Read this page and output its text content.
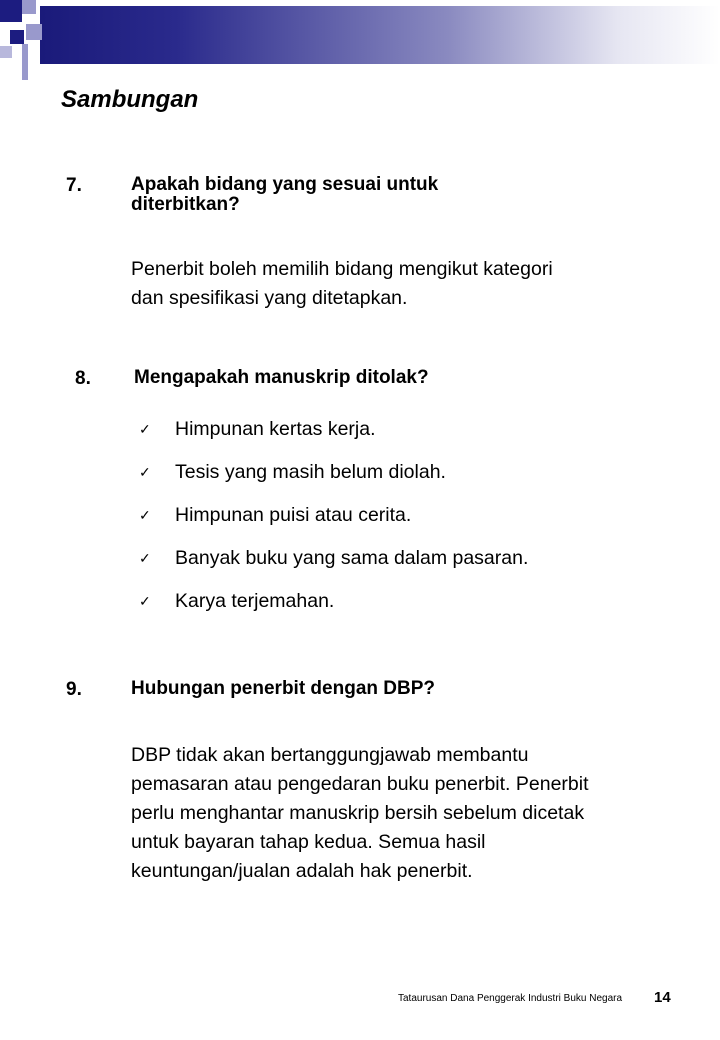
Sambungan
7.	Apakah bidang yang sesuai untuk diterbitkan?
Penerbit boleh memilih bidang mengikut kategori dan spesifikasi yang ditetapkan.
8. Mengapakah manuskrip ditolak?
✓	Himpunan kertas kerja.
✓	Tesis yang masih belum diolah.
✓	Himpunan puisi atau cerita.
✓	Banyak buku yang sama dalam pasaran.
✓	Karya terjemahan.
9.	Hubungan penerbit dengan DBP?
DBP tidak akan bertanggungjawab membantu pemasaran atau pengedaran buku penerbit. Penerbit perlu menghantar manuskrip bersih sebelum dicetak untuk bayaran tahap kedua. Semua hasil keuntungan/jualan adalah hak penerbit.
Tataurusan Dana Penggerak Industri Buku Negara 14
